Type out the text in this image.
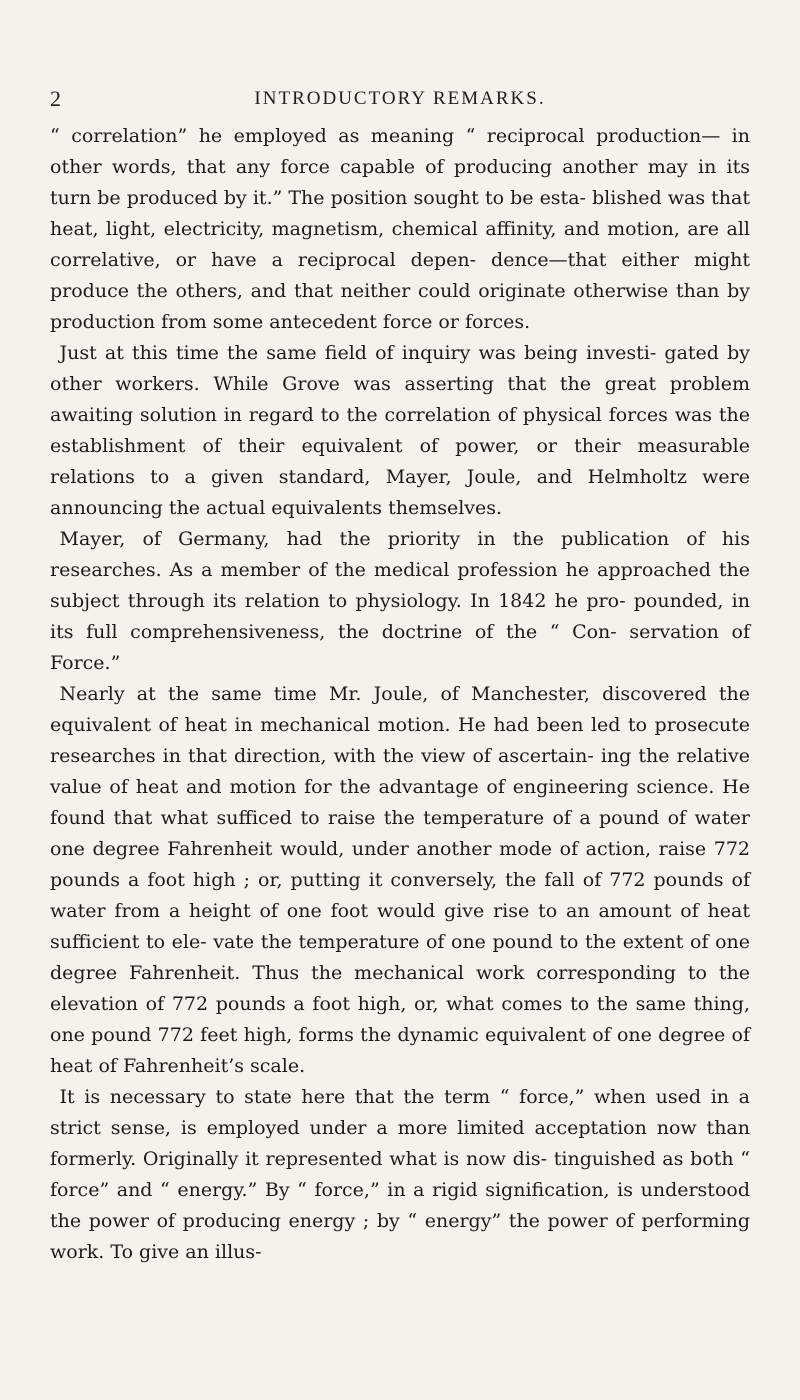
2	INTRODUCTORY REMARKS.

“ correlation” he employed as meaning “ reciprocal production— in other words, that any force capable of producing another may in its turn be produced by it.” The position sought to be esta- blished was that heat, light, electricity, magnetism, chemical affinity, and motion, are all correlative, or have a reciprocal depen- dence—that either might produce the others, and that neither could originate otherwise than by production from some antecedent force or forces.

Just at this time the same field of inquiry was being investi- gated by other workers. While Grove was asserting that the great problem awaiting solution in regard to the correlation of physical forces was the establishment of their equivalent of power, or their measurable relations to a given standard, Mayer, Joule, and Helmholtz were announcing the actual equivalents themselves.

Mayer, of Germany, had the priority in the publication of his researches. As a member of the medical profession he approached the subject through its relation to physiology. In 1842 he pro- pounded, in its full comprehensiveness, the doctrine of the “ Con- servation of Force.”

Nearly at the same time Mr. Joule, of Manchester, discovered the equivalent of heat in mechanical motion. He had been led to prosecute researches in that direction, with the view of ascertain- ing the relative value of heat and motion for the advantage of engineering science. He found that what sufficed to raise the temperature of a pound of water one degree Fahrenheit would, under another mode of action, raise 772 pounds a foot high ; or, putting it conversely, the fall of 772 pounds of water from a height of one foot would give rise to an amount of heat sufficient to ele- vate the temperature of one pound to the extent of one degree Fahrenheit. Thus the mechanical work corresponding to the elevation of 772 pounds a foot high, or, what comes to the same thing, one pound 772 feet high, forms the dynamic equivalent of one degree of heat of Fahrenheit’s scale.

It is necessary to state here that the term “ force,” when used in a strict sense, is employed under a more limited acceptation now than formerly. Originally it represented what is now dis- tinguished as both “ force” and “ energy.” By “ force,” in a rigid signification, is understood the power of producing energy ; by “ energy” the power of performing work. To give an illus-
